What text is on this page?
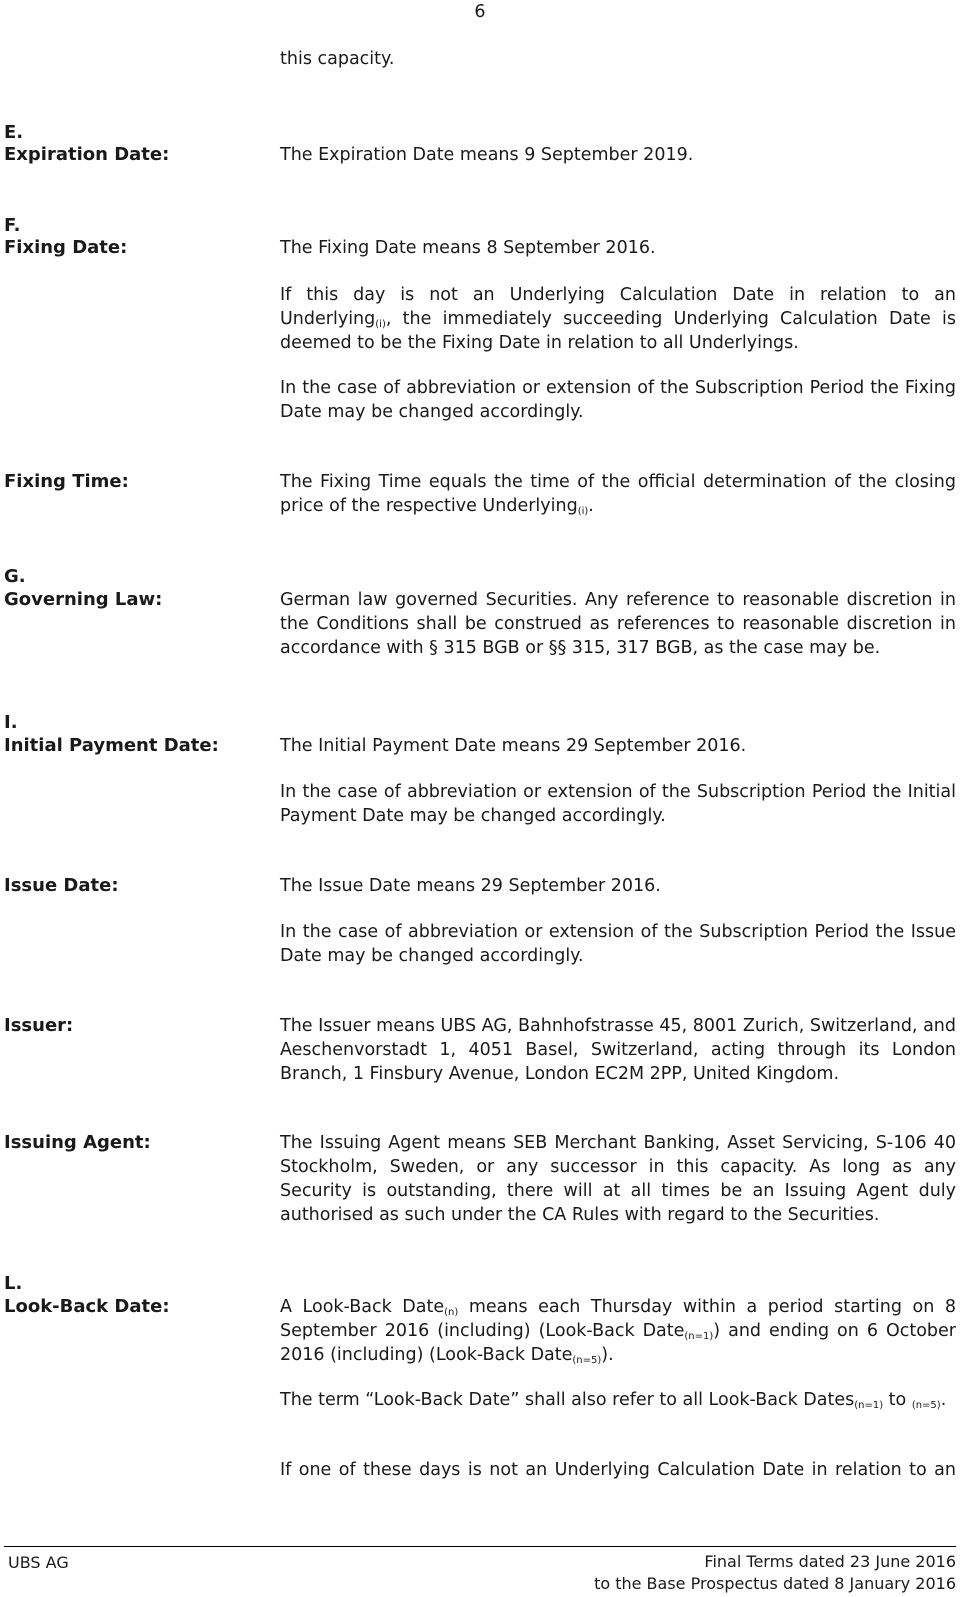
6
this capacity.
E.
Expiration Date:	The Expiration Date means 9 September 2019.
F.
Fixing Date:	The Fixing Date means 8 September 2016.
If this day is not an Underlying Calculation Date in relation to an Underlying$_{(i)}$, the immediately succeeding Underlying Calculation Date is deemed to be the Fixing Date in relation to all Underlyings.
In the case of abbreviation or extension of the Subscription Period the Fixing Date may be changed accordingly.
Fixing Time:	The Fixing Time equals the time of the official determination of the closing price of the respective Underlying$_{(i)}$.
G.
Governing Law:	German law governed Securities. Any reference to reasonable discretion in the Conditions shall be construed as references to reasonable discretion in accordance with § 315 BGB or §§ 315, 317 BGB, as the case may be.
I.
Initial Payment Date:	The Initial Payment Date means 29 September 2016.
In the case of abbreviation or extension of the Subscription Period the Initial Payment Date may be changed accordingly.
Issue Date:	The Issue Date means 29 September 2016.
In the case of abbreviation or extension of the Subscription Period the Issue Date may be changed accordingly.
Issuer:	The Issuer means UBS AG, Bahnhofstrasse 45, 8001 Zurich, Switzerland, and Aeschenvorstadt 1, 4051 Basel, Switzerland, acting through its London Branch, 1 Finsbury Avenue, London EC2M 2PP, United Kingdom.
Issuing Agent:	The Issuing Agent means SEB Merchant Banking, Asset Servicing, S-106 40 Stockholm, Sweden, or any successor in this capacity. As long as any Security is outstanding, there will at all times be an Issuing Agent duly authorised as such under the CA Rules with regard to the Securities.
L.
Look-Back Date:	A Look-Back Date$_{(n)}$ means each Thursday within a period starting on 8 September 2016 (including) (Look-Back Date$_{(n=1)}$) and ending on 6 October 2016 (including) (Look-Back Date$_{(n=5)}$).
The term “Look-Back Date” shall also refer to all Look-Back Dates$_{(n=1)}$ to $_{(n=5)}$.
If one of these days is not an Underlying Calculation Date in relation to an
UBS AG	Final Terms dated 23 June 2016
to the Base Prospectus dated 8 January 2016
